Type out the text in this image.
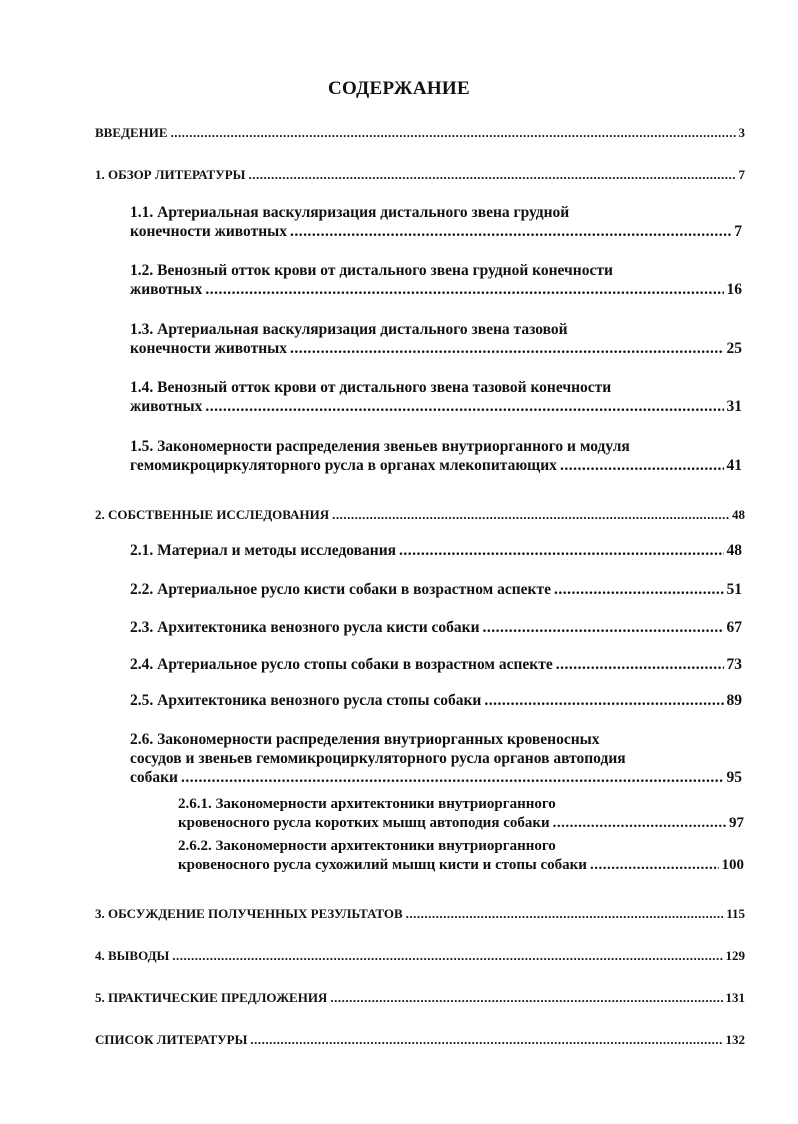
СОДЕРЖАНИЕ
ВВЕДЕНИЕ .....	3
1. ОБЗОР ЛИТЕРАТУРЫ .....	7
1.1. Артериальная васкуляризация дистального звена грудной
конечности животных .....	7
1.2. Венозный отток крови от дистального звена грудной конечности
животных .....	16
1.3. Артериальная васкуляризация дистального звена тазовой
конечности животных .....	25
1.4. Венозный отток крови от дистального звена тазовой конечности
животных .....	31
1.5. Закономерности распределения звеньев внутриорганного и модуля
гемомикроциркуляторного русла в органах млекопитающих .....	41
2. СОБСТВЕННЫЕ ИССЛЕДОВАНИЯ .....	48
2.1. Материал и методы исследования .....	48
2.2. Артериальное русло кисти собаки в возрастном аспекте .....	51
2.3. Архитектоника венозного русла кисти собаки .....	67
2.4. Артериальное русло стопы собаки в возрастном аспекте .....	73
2.5. Архитектоника венозного русла стопы собаки .....	89
2.6. Закономерности распределения внутриорганных кровеносных
сосудов и звеньев гемомикроциркуляторного русла органов автоподия
собаки .....	95
2.6.1. Закономерности архитектоники внутриорганного
кровеносного русла коротких мышц автоподия собаки .....	97
2.6.2. Закономерности архитектоники внутриорганного
кровеносного русла сухожилий мышц кисти и стопы собаки .....	100
3. ОБСУЖДЕНИЕ ПОЛУЧЕННЫХ РЕЗУЛЬТАТОВ .....	115
4. ВЫВОДЫ .....	129
5. ПРАКТИЧЕСКИЕ ПРЕДЛОЖЕНИЯ .....	131
СПИСОК ЛИТЕРАТУРЫ .....	132
